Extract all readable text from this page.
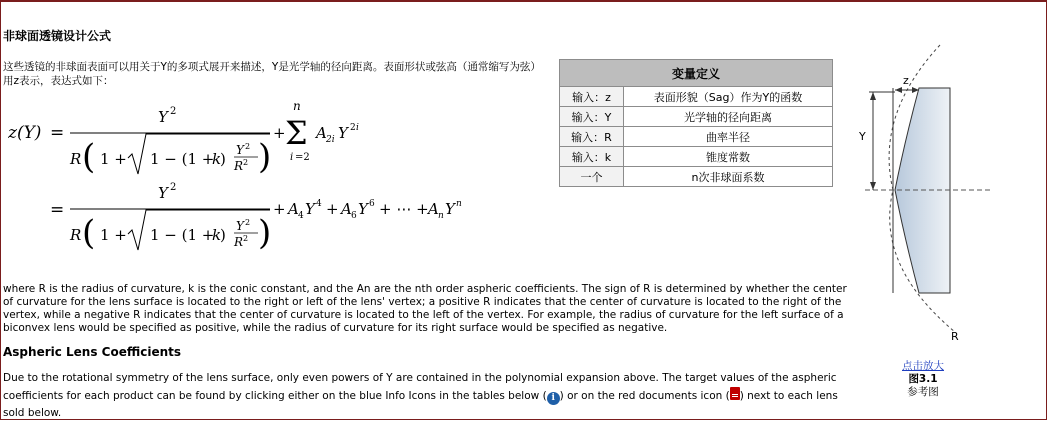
非球面透镜设计公式
这些透镜的非球面表面可以用关于Y的多项式展开来描述，Y是光学轴的径向距离。表面形状或弦高（通常缩写为弦）用z表示，表达式如下：
z(Y) =
Y 2
R ( 1 + 1 − (1 +
k
) Y 2
R 2 )
+
n
Σ
i =2
A 2i Y 2 i
=
Y 2
R ( 1 + 1 − (1 +
k
) Y 2
R 2 )
+ A 4 Y 4 + A 6 Y 6 + ⋯ + A n Y n
变量定义	
输入：z	表面形貌（Sag）作为Y的函数
输入：Y	光学轴的径向距离
输入：R	曲率半径
输入：k	锥度常数
一个	n次非球面系数
where R is the radius of curvature, k is the conic constant, and the An are the nth order aspheric coefficients. The sign of R is determined by whether the center of curvature for the lens surface is located to the right or left of the lens' vertex; a positive R indicates that the center of curvature is located to the right of the vertex, while a negative R indicates that the center of curvature is located to the left of the vertex. For example, the radius of curvature for the left surface of a biconvex lens would be specified as positive, while the radius of curvature for its right surface would be specified as negative.
Aspheric Lens Coefficients
Due to the rotational symmetry of the lens surface, only even powers of Y are contained in the polynomial expansion above. The target values of the aspheric coefficients for each product can be found by clicking either on the blue Info Icons in the tables below ( i ) or on the red documents icon ( ) next to each lens sold below.
z
Y
R
点击放大
图3.1
参考图
